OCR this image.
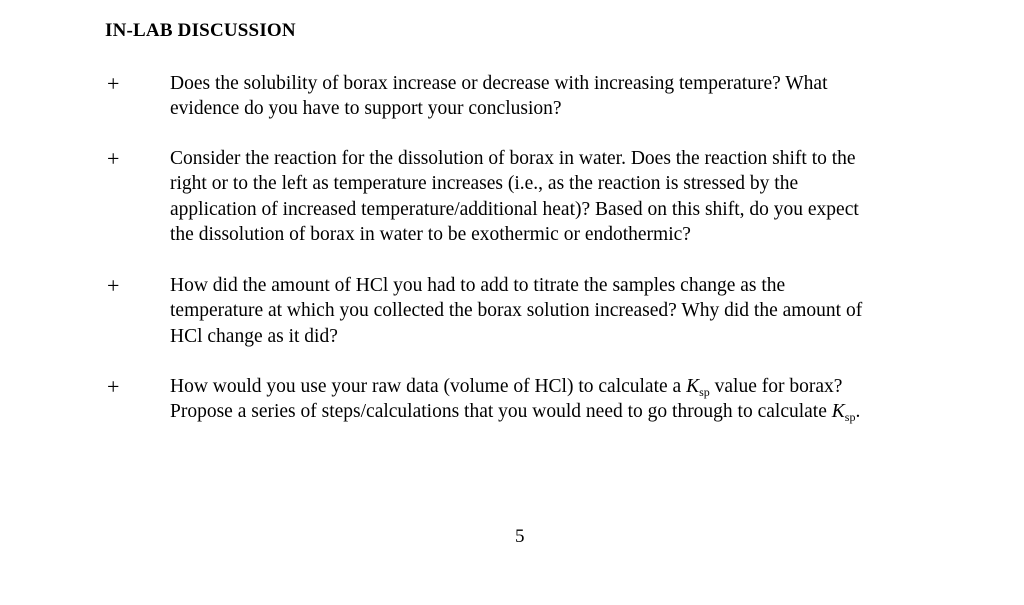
IN-LAB DISCUSSION
+	Does the solubility of borax increase or decrease with increasing temperature? What
evidence do you have to support your conclusion?
+	Consider the reaction for the dissolution of borax in water. Does the reaction shift to the
right or to the left as temperature increases (i.e., as the reaction is stressed by the
application of increased temperature/additional heat)? Based on this shift, do you expect
the dissolution of borax in water to be exothermic or endothermic?
+	How did the amount of HCl you had to add to titrate the samples change as the
temperature at which you collected the borax solution increased? Why did the amount of
HCl change as it did?
+	How would you use your raw data (volume of HCl) to calculate a $K_{sp}$ value for borax?
Propose a series of steps/calculations that you would need to go through to calculate $K_{sp}$.
5
